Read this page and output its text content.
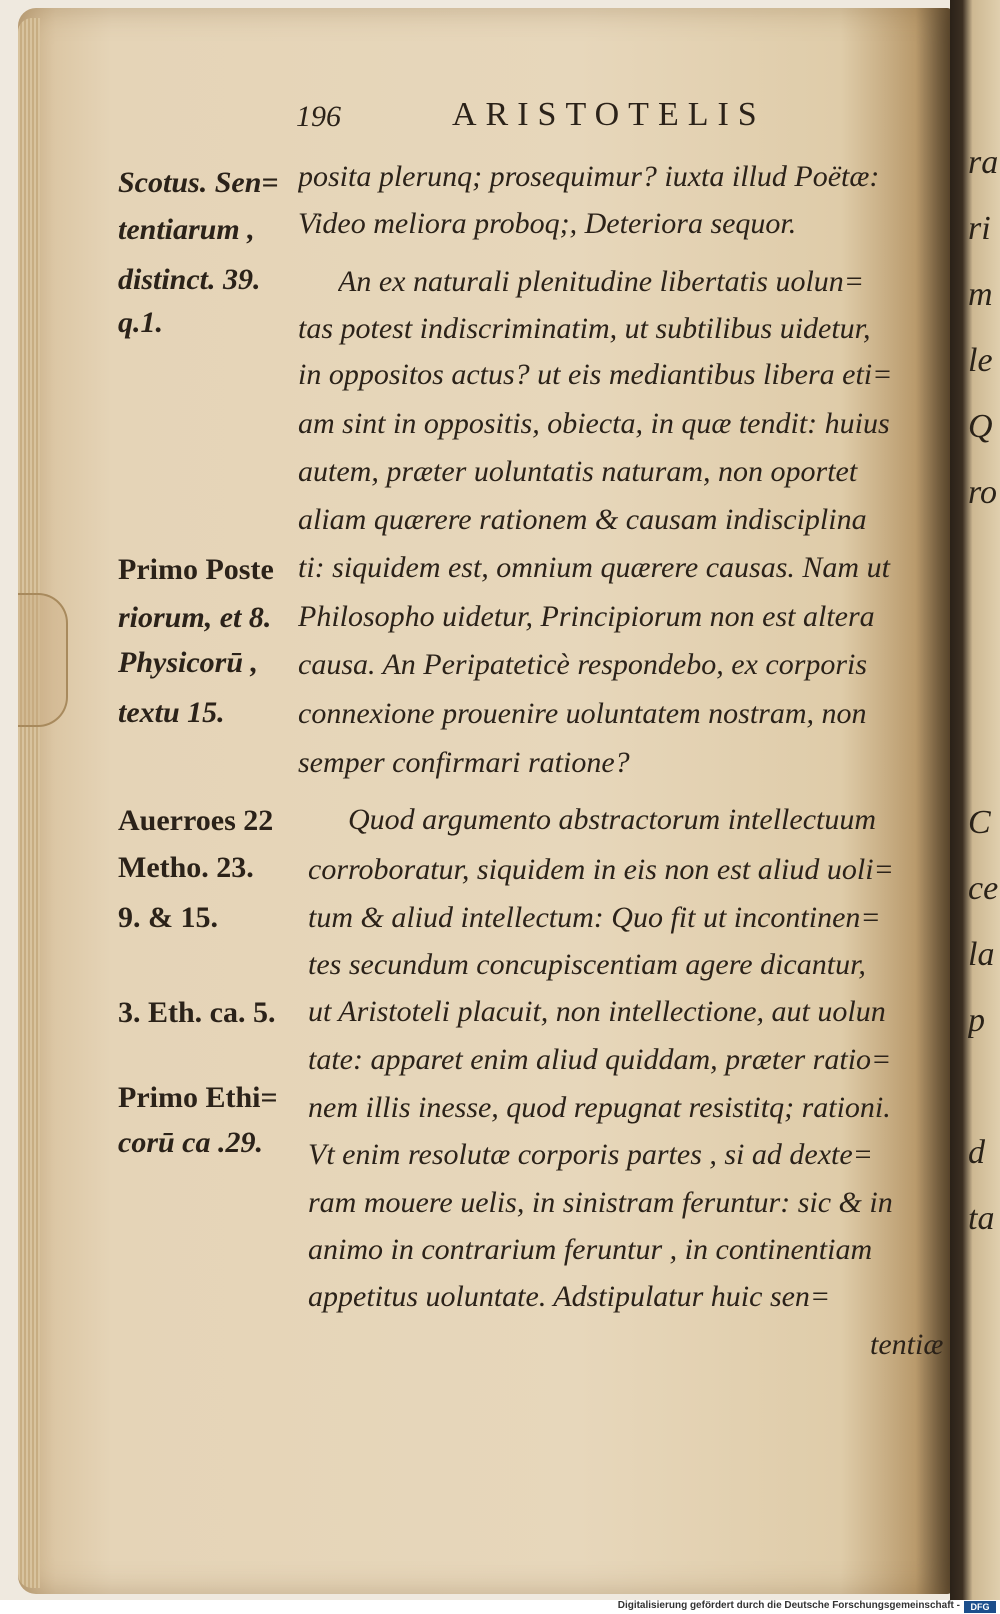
ra
ri
m
le
Q
ro

C
ce
la
p

d
ta
196	ARISTOTELIS
Scotus. Sen=
tentiarum ,
distinct. 39.
q.1.
Primo Poste
riorum, et 8.
Physicorū ,
textu 15.
Auerroes 22
Metho. 23.
9. & 15.
3. Eth. ca. 5.
Primo Ethi=
corū ca .29.
posita plerunq; prosequimur? iuxta illud Poëtæ:
Video meliora proboq;, Deteriora sequor.
An ex naturali plenitudine libertatis uolun=
tas potest indiscriminatim, ut subtilibus uidetur,
in oppositos actus? ut eis mediantibus libera eti=
am sint in oppositis, obiecta, in quæ tendit: huius
autem, præter uoluntatis naturam, non oportet
aliam quærere rationem & causam indisciplina
ti: siquidem est, omnium quærere causas. Nam ut
Philosopho uidetur, Principiorum non est altera
causa. An Peripateticè respondebo, ex corporis
connexione prouenire uoluntatem nostram, non
semper confirmari ratione?
Quod argumento abstractorum intellectuum
corroboratur, siquidem in eis non est aliud uoli=
tum & aliud intellectum: Quo fit ut incontinen=
tes secundum concupiscentiam agere dicantur,
ut Aristoteli placuit, non intellectione, aut uolun
tate: apparet enim aliud quiddam, præter ratio=
nem illis inesse, quod repugnat resistitq; rationi.
Vt enim resolutæ corporis partes , si ad dexte=
ram mouere uelis, in sinistram feruntur: sic & in
animo in contrarium feruntur , in continentiam
appetitus uoluntate. Adstipulatur huic sen=
tentiæ
Digitalisierung gefördert durch die Deutsche Forschungsgemeinschaft -	DFG
